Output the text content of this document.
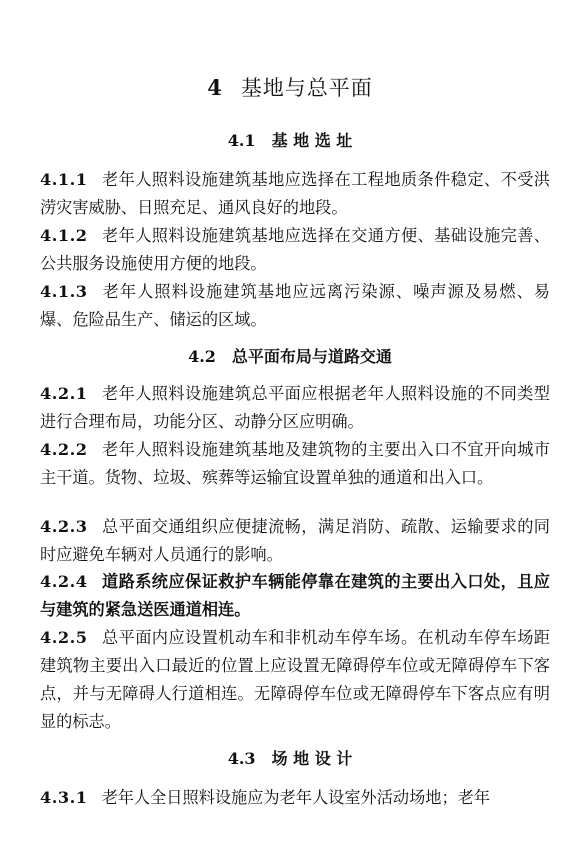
4 基地与总平面
4.1 基 地 选 址
4.1.1 老年人照料设施建筑基地应选择在工程地质条件稳定、不受洪涝灾害威胁、日照充足、通风良好的地段。
4.1.2 老年人照料设施建筑基地应选择在交通方便、基础设施完善、公共服务设施使用方便的地段。
4.1.3 老年人照料设施建筑基地应远离污染源、噪声源及易燃、易爆、危险品生产、储运的区域。
4.2 总平面布局与道路交通
4.2.1 老年人照料设施建筑总平面应根据老年人照料设施的不同类型进行合理布局，功能分区、动静分区应明确。
4.2.2 老年人照料设施建筑基地及建筑物的主要出入口不宜开向城市主干道。货物、垃圾、殡葬等运输宜设置单独的通道和出入口。
4.2.3 总平面交通组织应便捷流畅，满足消防、疏散、运输要求的同时应避免车辆对人员通行的影响。
4.2.4 道路系统应保证救护车辆能停靠在建筑的主要出入口处，且应与建筑的紧急送医通道相连。
4.2.5 总平面内应设置机动车和非机动车停车场。在机动车停车场距建筑物主要出入口最近的位置上应设置无障碍停车位或无障碍停车下客点，并与无障碍人行道相连。无障碍停车位或无障碍停车下客点应有明显的标志。
4.3 场 地 设 计
4.3.1 老年人全日照料设施应为老年人设室外活动场地；老年
